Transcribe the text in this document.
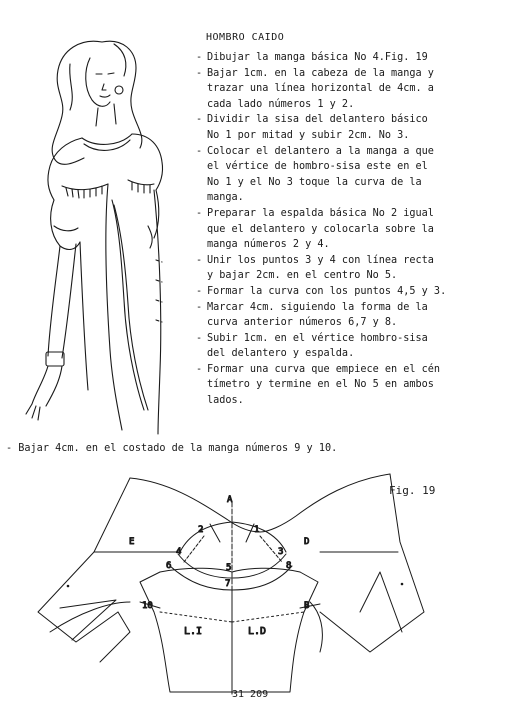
HOMBRO CAIDO
- Dibujar la manga básica No 4.Fig. 19
- Bajar 1cm. en la cabeza de la manga y
trazar una línea horizontal de 4cm. a
cada lado números 1 y 2.
- Dividir la sisa del delantero básico
No 1 por mitad y subir 2cm. No 3.
- Colocar el delantero a la manga a que
el vértice de hombro-sisa este en el
No 1 y el No 3 toque la curva de la
manga.
- Preparar la espalda básica No 2 igual
que el delantero y colocarla sobre la
manga números 2 y 4.
- Unir los puntos 3 y 4 con línea recta
y bajar 2cm. en el centro No 5.
- Formar la curva con los puntos 4,5 y 3.
- Marcar 4cm. siguiendo la forma de la
curva anterior números 6,7 y 8.
- Subir 1cm. en el vértice hombro-sisa
del delantero y espalda.
- Formar una curva que empiece en el cén
tímetro y termine en el No 5 en ambos
lados.
- Bajar 4cm. en el costado de la manga números 9 y 10.
A
E	D
B
1
2
3
4
5
6
7
8
10
L.I	L.D
Fig. 19
31 209
